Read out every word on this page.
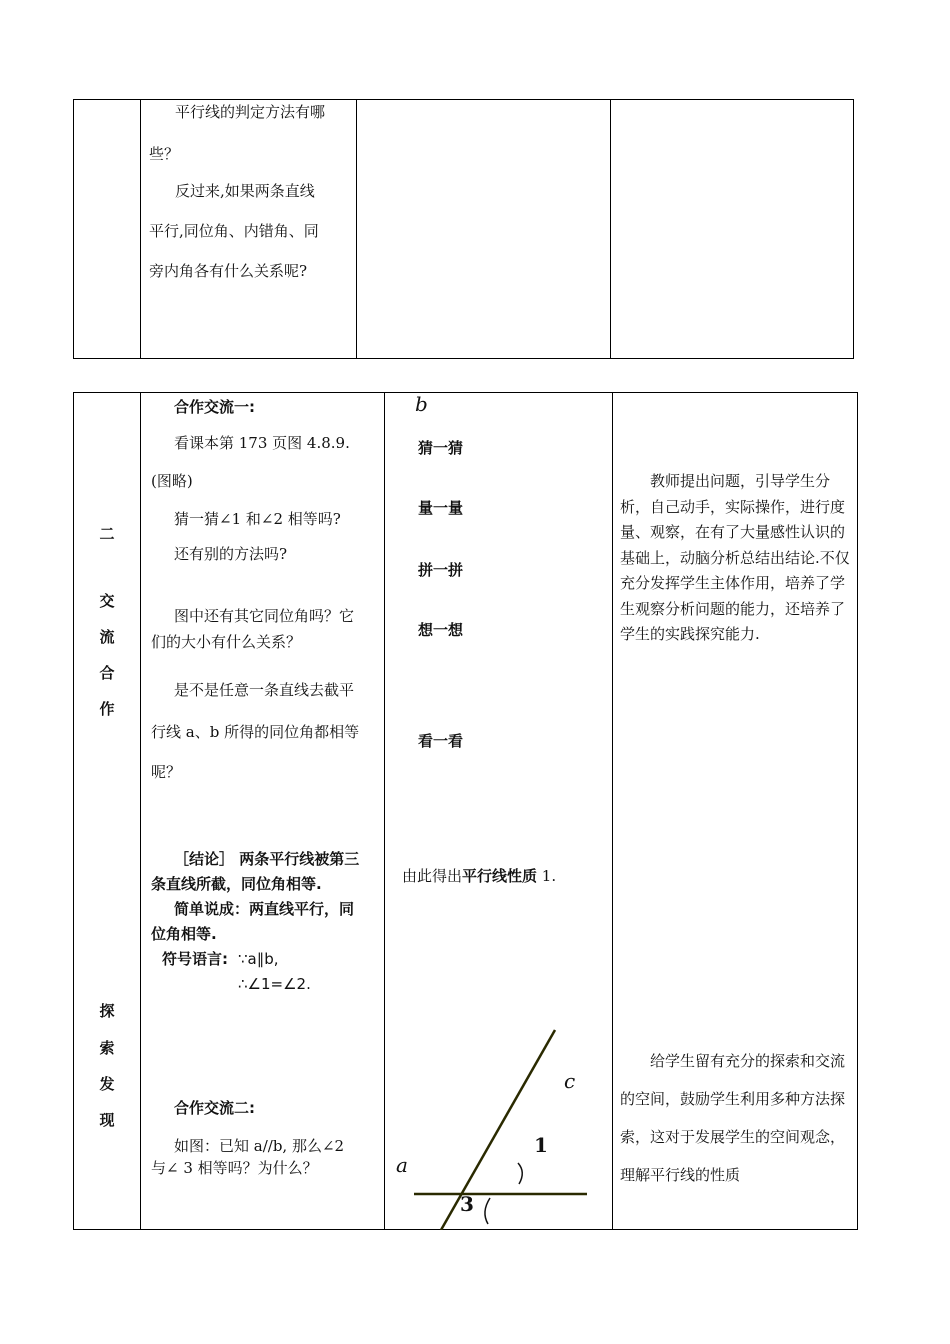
平行线的判定方法有哪
些？
反过来,如果两条直线
平行,同位角、内错角、同
旁内角各有什么关系呢?
二
交
流
合
作
探
索
发
现
合作交流一:
看课本第 173 页图 4.8.9.
(图略)
猜一猜∠1 和∠2 相等吗?
还有别的方法吗?
图中还有其它同位角吗？它
们的大小有什么关系？
是不是任意一条直线去截平
行线 a、b 所得的同位角都相等
呢？
［结论］ 两条平行线被第三
条直线所截，同位角相等.
简单说成：两直线平行，同
位角相等.
符号语言: ∵a∥b,
∴∠1=∠2.
合作交流二:
如图：已知 a//b, 那么∠2
与∠ 3 相等吗？为什么？
b
猜一猜
量一量
拼一拼
想一想
看一看
由此得出平行线性质 1.
c
a
1
3

教师提出问题，引导学生分析，自己动手，实际操作，进行度量、观察，在有了大量感性认识的基础上，动脑分析总结出结论.不仅充分发挥学生主体作用，培养了学生观察分析问题的能力，还培养了学生的实践探究能力.

给学生留有充分的探索和交流的空间，鼓励学生利用多种方法探索，这对于发展学生的空间观念，理解平行线的性质
